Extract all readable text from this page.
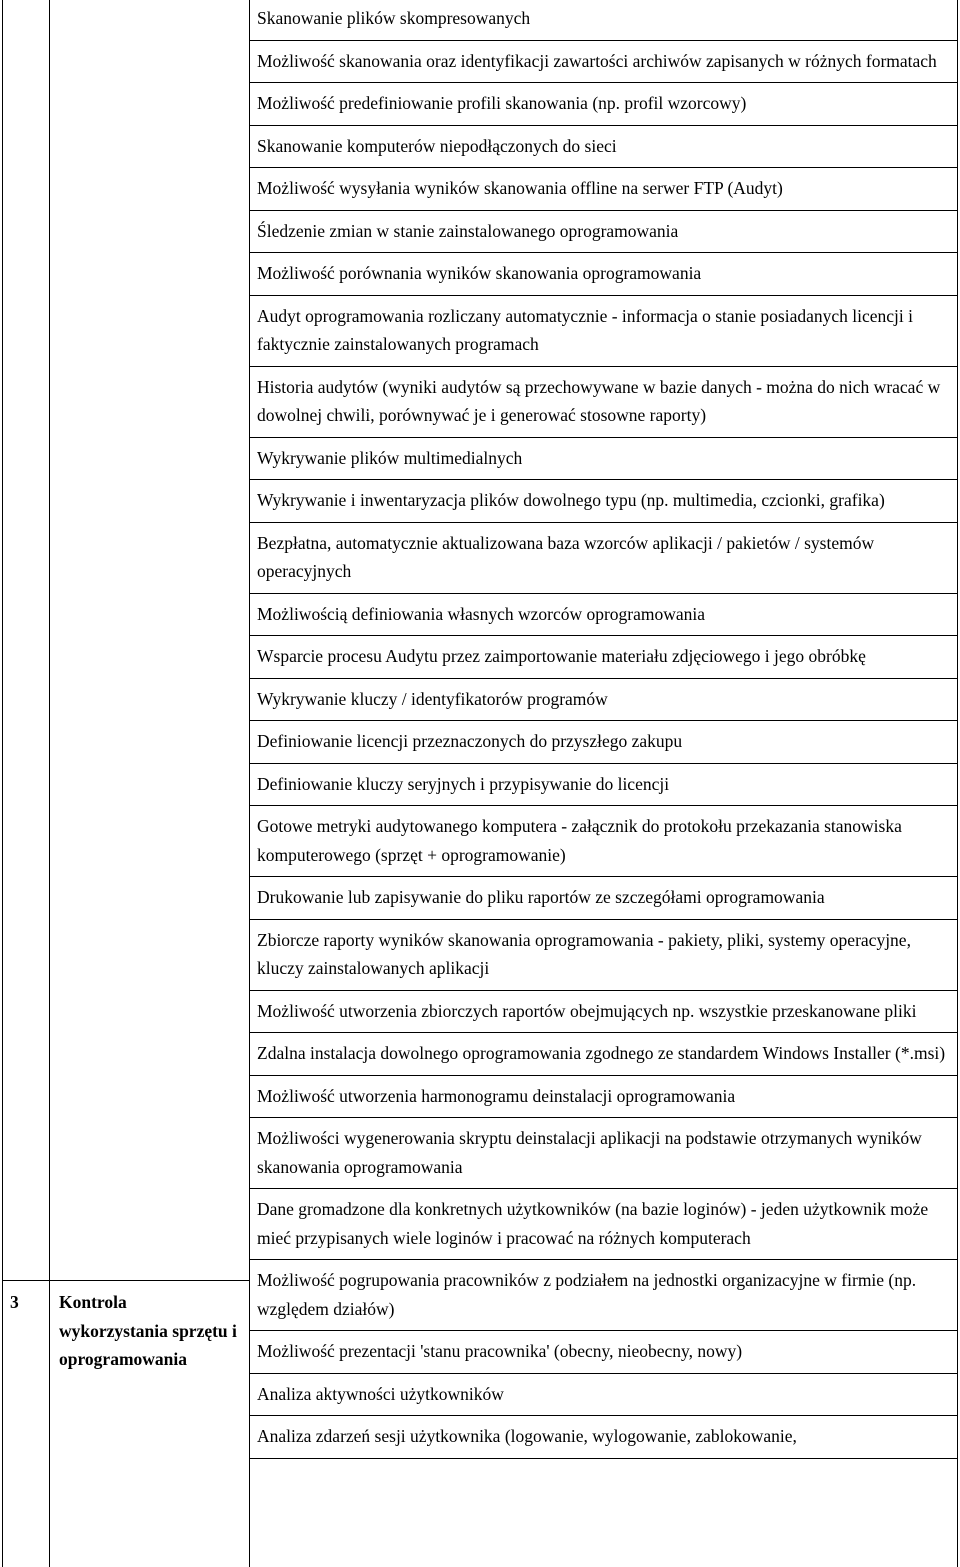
3 Kontrola wykorzystania sprzętu i oprogramowania
Skanowanie plików skompresowanych
Możliwość skanowania oraz identyfikacji zawartości archiwów zapisanych w różnych formatach
Możliwość predefiniowanie profili skanowania (np. profil wzorcowy)
Skanowanie komputerów niepodłączonych do sieci
Możliwość wysyłania wyników skanowania offline na serwer FTP (Audyt)
Śledzenie zmian w stanie zainstalowanego oprogramowania
Możliwość porównania wyników skanowania oprogramowania
Audyt oprogramowania rozliczany automatycznie - informacja o stanie posiadanych licencji i faktycznie zainstalowanych programach
Historia audytów (wyniki audytów są przechowywane w bazie danych - można do nich wracać w dowolnej chwili, porównywać je i generować stosowne raporty)
Wykrywanie plików multimedialnych
Wykrywanie i inwentaryzacja plików dowolnego typu (np. multimedia, czcionki, grafika)
Bezpłatna, automatycznie aktualizowana baza wzorców aplikacji / pakietów / systemów operacyjnych
Możliwością definiowania własnych wzorców oprogramowania
Wsparcie procesu Audytu przez zaimportowanie materiału zdjęciowego i jego obróbkę
Wykrywanie kluczy / identyfikatorów programów
Definiowanie licencji przeznaczonych do przyszłego zakupu
Definiowanie kluczy seryjnych i przypisywanie do licencji
Gotowe metryki audytowanego komputera - załącznik do protokołu przekazania stanowiska komputerowego (sprzęt + oprogramowanie)
Drukowanie lub zapisywanie do pliku raportów ze szczegółami oprogramowania
Zbiorcze raporty wyników skanowania oprogramowania - pakiety, pliki, systemy operacyjne, kluczy zainstalowanych aplikacji
Możliwość utworzenia zbiorczych raportów obejmujących np. wszystkie przeskanowane pliki
Zdalna instalacja dowolnego oprogramowania zgodnego ze standardem Windows Installer (*.msi)
Możliwość utworzenia harmonogramu deinstalacji oprogramowania
Możliwości wygenerowania skryptu deinstalacji aplikacji na podstawie otrzymanych wyników skanowania oprogramowania
Dane gromadzone dla konkretnych użytkowników (na bazie loginów) - jeden użytkownik może mieć przypisanych wiele loginów i pracować na różnych komputerach
Możliwość pogrupowania pracowników z podziałem na jednostki organizacyjne w firmie (np. względem działów)
Możliwość prezentacji 'stanu pracownika' (obecny, nieobecny, nowy)
Analiza aktywności użytkowników
Analiza zdarzeń sesji użytkownika (logowanie, wylogowanie, zablokowanie,
